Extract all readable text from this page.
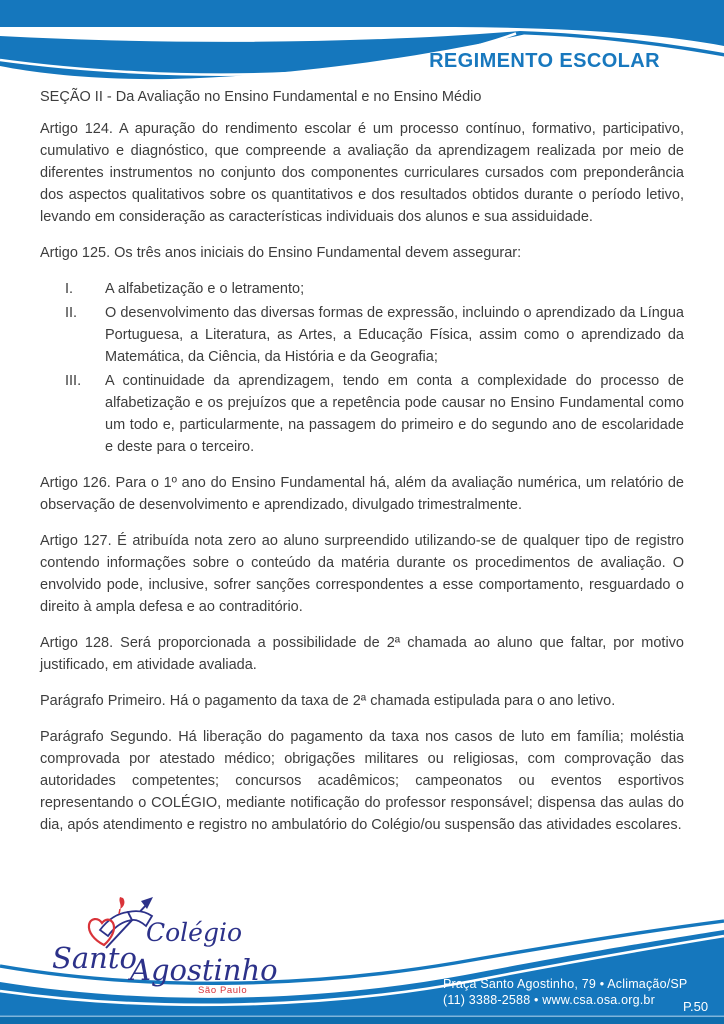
REGIMENTO ESCOLAR
SEÇÃO II - Da Avaliação no Ensino Fundamental e no Ensino Médio

Artigo 124. A apuração do rendimento escolar é um processo contínuo, formativo, participativo, cumulativo e diagnóstico, que compreende a avaliação da aprendizagem realizada por meio de diferentes instrumentos no conjunto dos componentes curriculares cursados com preponderância dos aspectos qualitativos sobre os quantitativos e dos resultados obtidos durante o período letivo, levando em consideração as características individuais dos alunos e sua assiduidade.

Artigo 125. Os três anos iniciais do Ensino Fundamental devem assegurar:

I.	A alfabetização e o letramento;
II.	O desenvolvimento das diversas formas de expressão, incluindo o aprendizado da Língua Portuguesa, a Literatura, as Artes, a Educação Física, assim como o aprendizado da Matemática, da Ciência, da História e da Geografia;
III.	A continuidade da aprendizagem, tendo em conta a complexidade do processo de alfabetização e os prejuízos que a repetência pode causar no Ensino Fundamental como um todo e, particularmente, na passagem do primeiro e do segundo ano de escolaridade e deste para o terceiro.

Artigo 126. Para o 1º ano do Ensino Fundamental há, além da avaliação numérica, um relatório de observação de desenvolvimento e aprendizado, divulgado trimestralmente.

Artigo 127. É atribuída nota zero ao aluno surpreendido utilizando-se de qualquer tipo de registro contendo informações sobre o conteúdo da matéria durante os procedimentos de avaliação. O envolvido pode, inclusive, sofrer sanções correspondentes a esse comportamento, resguardado o direito à ampla defesa e ao contraditório.

Artigo 128. Será proporcionada a possibilidade de 2ª chamada ao aluno que faltar, por motivo justificado, em atividade avaliada.

Parágrafo Primeiro. Há o pagamento da taxa de 2ª chamada estipulada para o ano letivo.

Parágrafo Segundo. Há liberação do pagamento da taxa nos casos de luto em família; moléstia comprovada por atestado médico; obrigações militares ou religiosas, com comprovação das autoridades competentes; concursos acadêmicos; campeonatos ou eventos esportivos representando o COLÉGIO, mediante notificação do professor responsável; dispensa das aulas do dia, após atendimento e registro no ambulatório do Colégio/ou suspensão das atividades escolares.

Colégio
Santo
Agostinho
São Paulo	Praça Santo Agostinho, 79 • Aclimação/SP
(11) 3388-2588 • www.csa.osa.org.br	P.50
